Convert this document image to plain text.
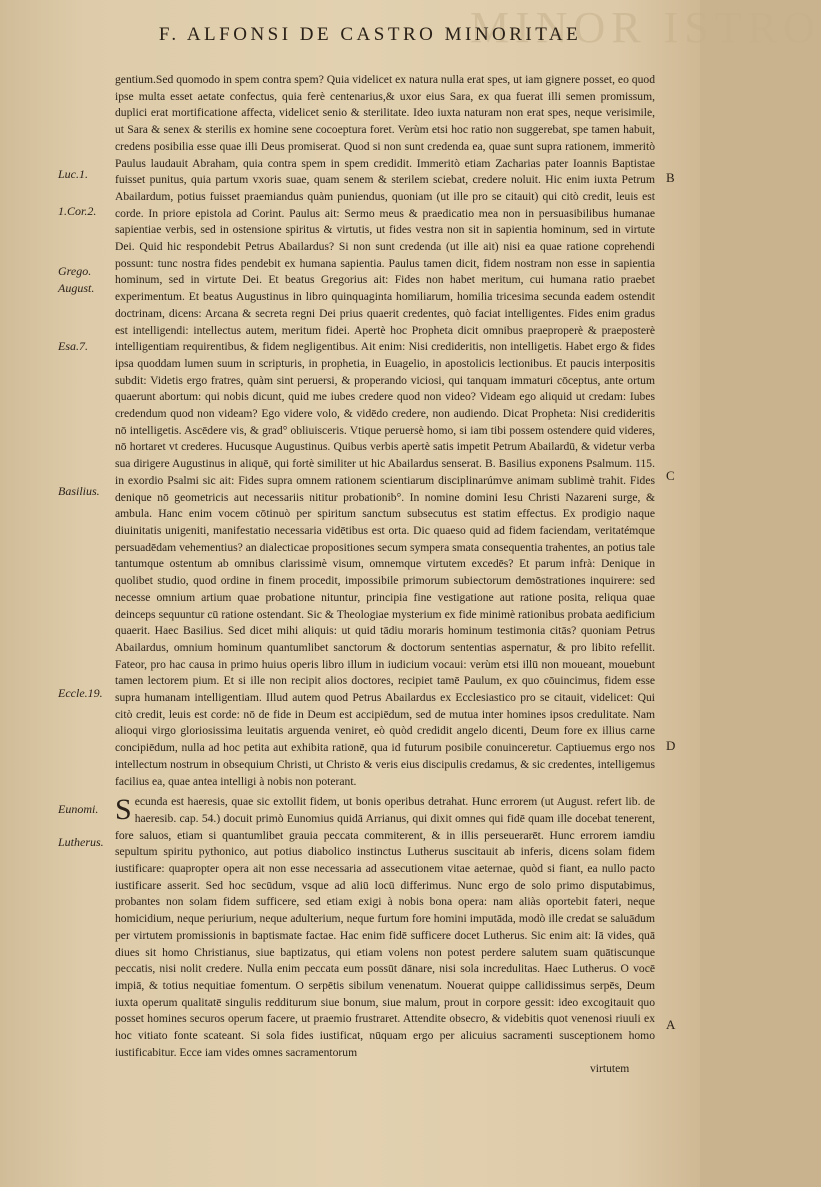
MINOR ISTRO
F. ALFONSI DE CASTRO MINORITAE
Luc.1.
1.Cor.2.
Grego.
August.
Esa.7.
Basilius.
Eccle.19.
Eunomi.
Lutherus.
B
C
D
A

gentium.Sed quomodo in spem contra spem? Quia videlicet ex natura nulla erat spes, ut iam gignere posset, eo quod ipse multa esset aetate confectus, quia ferè centenarius,& uxor eius Sara, ex qua fuerat illi semen promissum, duplici erat mortificatione affecta, videlicet senio & sterilitate. Ideo iuxta naturam non erat spes, neque verisimile, ut Sara & senex & sterilis ex homine sene cocoeptura foret. Verùm etsi hoc ratio non suggerebat, spe tamen habuit, credens posibilia esse quae illi Deus promiserat. Quod si non sunt credenda ea, quae sunt supra rationem, immeritò Paulus laudauit Abraham, quia contra spem in spem credidit. Immeritò etiam Zacharias pater Ioannis Baptistae fuisset punitus, quia partum vxoris suae, quam senem & sterilem sciebat, credere noluit. Hic enim iuxta Petrum Abailardum, potius fuisset praemiandus quàm puniendus, quoniam (ut ille pro se citauit) qui citò credit, leuis est corde. In priore epistola ad Corint. Paulus ait: Sermo meus & praedicatio mea non in persuasibilibus humanae sapientiae verbis, sed in ostensione spiritus & virtutis, ut fides vestra non sit in sapientia hominum, sed in virtute Dei. Quid hic respondebit Petrus Abailardus? Si non sunt credenda (ut ille ait) nisi ea quae ratione coprehendi possunt: tunc nostra fides pendebit ex humana sapientia. Paulus tamen dicit, fidem nostram non esse in sapientia hominum, sed in virtute Dei. Et beatus Gregorius ait: Fides non habet meritum, cui humana ratio praebet experimentum. Et beatus Augustinus in libro quinquaginta homiliarum, homilia tricesima secunda eadem ostendit doctrinam, dicens: Arcana & secreta regni Dei prius quaerit credentes, quò faciat intelligentes. Fides enim gradus est intelligendi: intellectus autem, meritum fidei. Apertè hoc Propheta dicit omnibus praeproperè & praeposterè intelligentiam requirentibus, & fidem negligentibus. Ait enim: Nisi credideritis, non intelligetis. Habet ergo & fides ipsa quoddam lumen suum in scripturis, in prophetia, in Euagelio, in apostolicis lectionibus. Et paucis interpositis subdit: Videtis ergo fratres, quàm sint peruersi, & properando viciosi, qui tanquam immaturi cōceptus, ante ortum quaerunt abortum: qui nobis dicunt, quid me iubes credere quod non video? Videam ego aliquid ut credam: Iubes credendum quod non videam? Ego videre volo, & vidēdo credere, non audiendo. Dicat Propheta: Nisi credideritis nō intelligetis. Ascēdere vis, & grad° obliuisceris. Vtique peruersè homo, si iam tibi possem ostendere quid videres, nō hortaret vt crederes. Hucusque Augustinus. Quibus verbis apertè satis impetit Petrum Abailardū, & videtur verba sua dirigere Augustinus in aliquē, qui fortè similiter ut hic Abailardus senserat. B. Basilius exponens Psalmum. 115. in exordio Psalmi sic ait: Fides supra omnem rationem scientiarum disciplinarúmve animam sublimè trahit. Fides denique nō geometricis aut necessariis nititur probationib°. In nomine domini Iesu Christi Nazareni surge, & ambula. Hanc enim vocem cōtinuò per spiritum sanctum subsecutus est statim effectus. Ex prodigio naque diuinitatis unigeniti, manifestatio necessaria vidētibus est orta. Dic quaeso quid ad fidem faciendam, veritatémque persuadēdam vehementius? an dialecticae propositiones secum sympera smata consequentia trahentes, an potius tale tantumque ostentum ab omnibus clarissimè visum, omnemque virtutem excedēs? Et parum infrà: Denique in quolibet studio, quod ordine in finem procedit, impossibile primorum subiectorum demōstrationes inquirere: sed necesse omnium artium quae probatione nituntur, principia fine vestigatione aut ratione posita, reliqua quae deinceps sequuntur cū ratione ostendant. Sic & Theologiae mysterium ex fide minimè rationibus probata aedificium quaerit. Haec Basilius. Sed dicet mihi aliquis: ut quid tādiu moraris hominum testimonia citās? quoniam Petrus Abailardus, omnium hominum quantumlibet sanctorum & doctorum sententias aspernatur, & pro libito refellit. Fateor, pro hac causa in primo huius operis libro illum in iudicium vocaui: verùm etsi illū non moueant, mouebunt tamen lectorem pium. Et si ille non recipit alios doctores, recipiet tamē Paulum, ex quo cōuincimus, fidem esse supra humanam intelligentiam. Illud autem quod Petrus Abailardus ex Ecclesiastico pro se citauit, videlicet: Qui citò credit, leuis est corde: nō de fide in Deum est accipiēdum, sed de mutua inter homines ipsos credulitate. Nam alioqui virgo gloriosissima leuitatis arguenda veniret, eò quòd credidit angelo dicenti, Deum fore ex illius carne concipiēdum, nulla ad hoc petita aut exhibita rationē, qua id futurum posibile conuinceretur. Captiuemus ergo nos intellectum nostrum in obsequium Christi, ut Christo & veris eius discipulis credamus, & sic credentes, intelligemus facilius ea, quae antea intelligi à nobis non poterant.

Secunda est haeresis, quae sic extollit fidem, ut bonis operibus detrahat. Hunc errorem (ut August. refert lib. de haeresib. cap. 54.) docuit primò Eunomius quidā Arrianus, qui dixit omnes qui fidē quam ille docebat tenerent, fore saluos, etiam si quantumlibet grauia peccata commiterent, & in illis perseuerarēt. Hunc errorem iamdiu sepultum spiritu pythonico, aut potius diabolico instinctus Lutherus suscitauit ab inferis, dicens solam fidem iustificare: quapropter opera ait non esse necessaria ad assecutionem vitae aeternae, quòd si fiant, ea nullo pacto iustificare asserit. Sed hoc secūdum, vsque ad aliū locū differimus. Nunc ergo de solo primo disputabimus, probantes non solam fidem sufficere, sed etiam exigi à nobis bona opera: nam aliàs oportebit fateri, neque homicidium, neque periurium, neque adulterium, neque furtum fore homini imputāda, modò ille credat se saluādum per virtutem promissionis in baptismate factae. Hac enim fidē sufficere docet Lutherus. Sic enim ait: Iā vides, quā diues sit homo Christianus, siue baptizatus, qui etiam volens non potest perdere salutem suam quātiscunque peccatis, nisi nolit credere. Nulla enim peccata eum possūt dānare, nisi sola incredulitas. Haec Lutherus. O vocē impiā, & totius nequitiae fomentum. O serpētis sibilum venenatum. Nouerat quippe callidissimus serpēs, Deum iuxta operum qualitatē singulis redditurum siue bonum, siue malum, prout in corpore gessit: ideo excogitauit quo posset homines securos operum facere, ut praemio frustraret. Attendite obsecro, & videbitis quot venenosi riuuli ex hoc vitiato fonte scateant. Si sola fides iustificat, nūquam ergo per alicuius sacramenti susceptionem homo iustificabitur. Ecce iam vides omnes sacramentorum

virtutem
